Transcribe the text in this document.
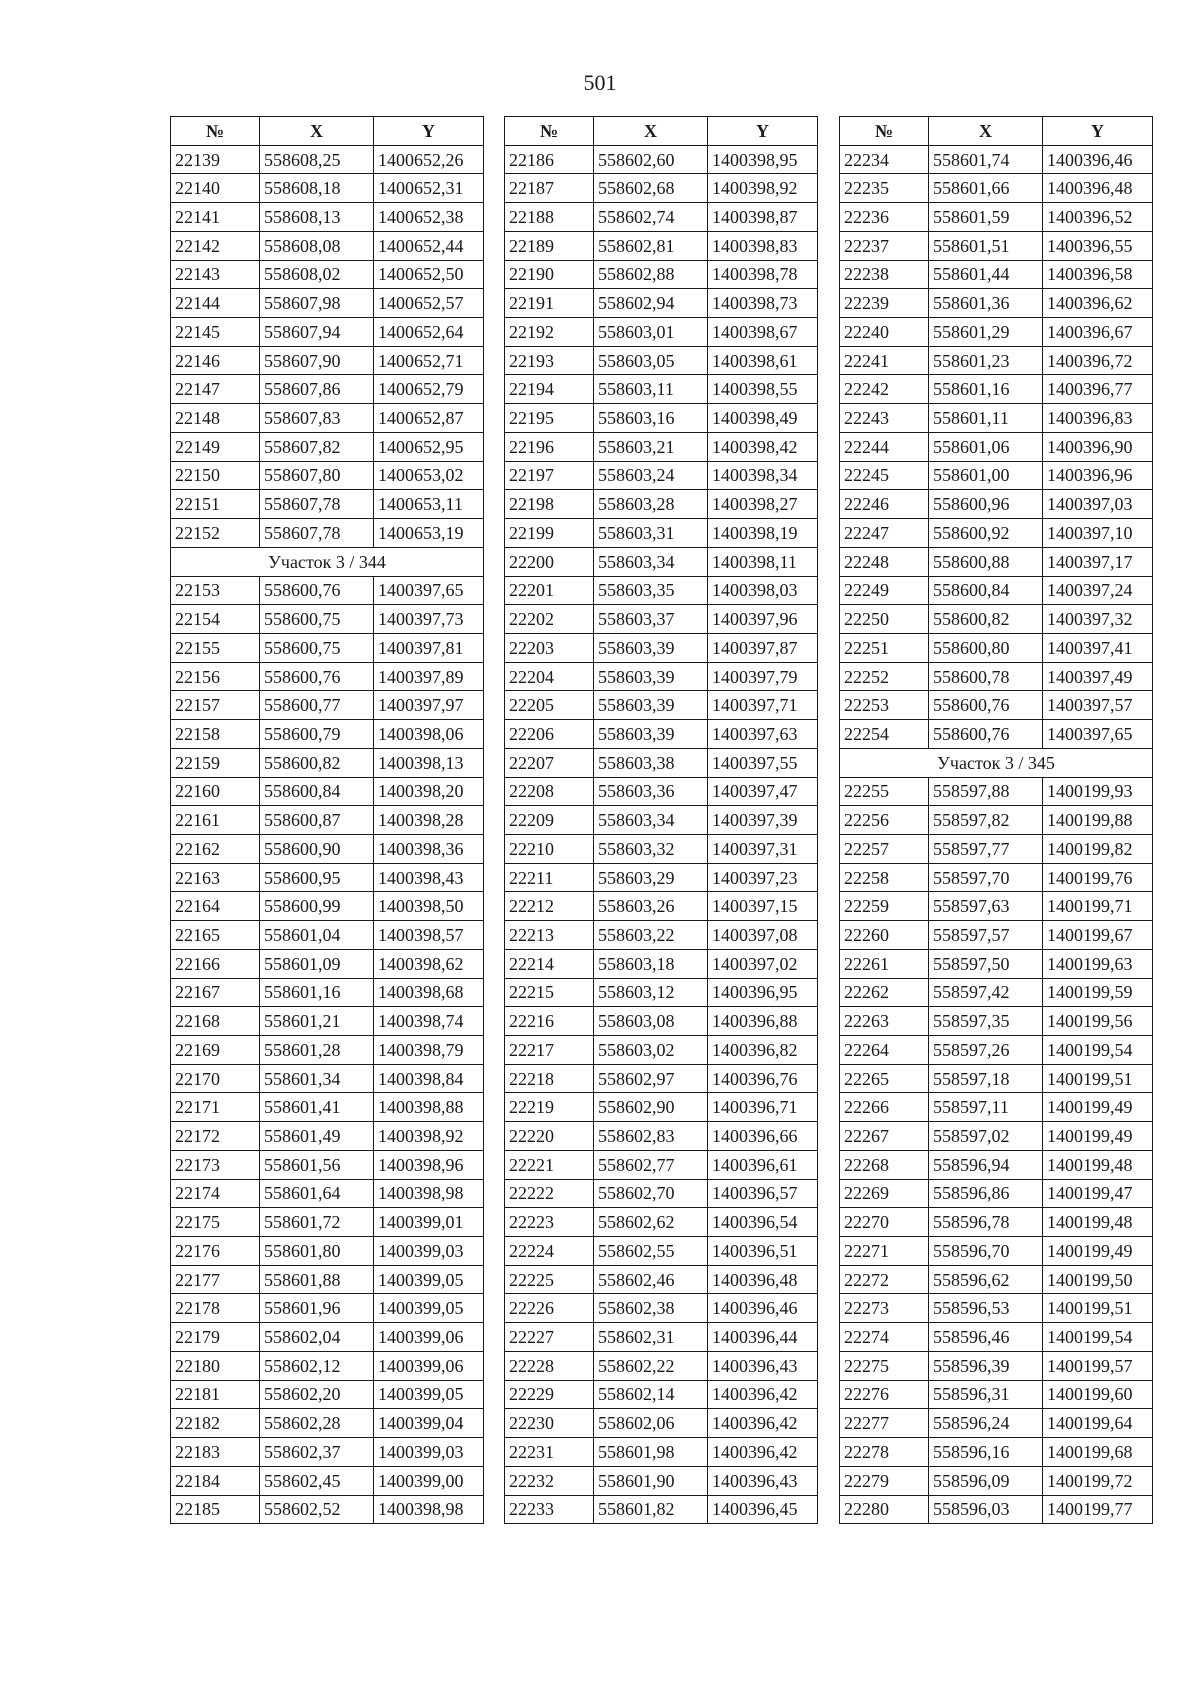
501
№	X	Y
22139	558608,25	1400652,26
22140	558608,18	1400652,31
22141	558608,13	1400652,38
22142	558608,08	1400652,44
22143	558608,02	1400652,50
22144	558607,98	1400652,57
22145	558607,94	1400652,64
22146	558607,90	1400652,71
22147	558607,86	1400652,79
22148	558607,83	1400652,87
22149	558607,82	1400652,95
22150	558607,80	1400653,02
22151	558607,78	1400653,11
22152	558607,78	1400653,19
Участок 3 / 344		
22153	558600,76	1400397,65
22154	558600,75	1400397,73
22155	558600,75	1400397,81
22156	558600,76	1400397,89
22157	558600,77	1400397,97
22158	558600,79	1400398,06
22159	558600,82	1400398,13
22160	558600,84	1400398,20
22161	558600,87	1400398,28
22162	558600,90	1400398,36
22163	558600,95	1400398,43
22164	558600,99	1400398,50
22165	558601,04	1400398,57
22166	558601,09	1400398,62
22167	558601,16	1400398,68
22168	558601,21	1400398,74
22169	558601,28	1400398,79
22170	558601,34	1400398,84
22171	558601,41	1400398,88
22172	558601,49	1400398,92
22173	558601,56	1400398,96
22174	558601,64	1400398,98
22175	558601,72	1400399,01
22176	558601,80	1400399,03
22177	558601,88	1400399,05
22178	558601,96	1400399,05
22179	558602,04	1400399,06
22180	558602,12	1400399,06
22181	558602,20	1400399,05
22182	558602,28	1400399,04
22183	558602,37	1400399,03
22184	558602,45	1400399,00
22185	558602,52	1400398,98
№	X	Y
22186	558602,60	1400398,95
22187	558602,68	1400398,92
22188	558602,74	1400398,87
22189	558602,81	1400398,83
22190	558602,88	1400398,78
22191	558602,94	1400398,73
22192	558603,01	1400398,67
22193	558603,05	1400398,61
22194	558603,11	1400398,55
22195	558603,16	1400398,49
22196	558603,21	1400398,42
22197	558603,24	1400398,34
22198	558603,28	1400398,27
22199	558603,31	1400398,19
22200	558603,34	1400398,11
22201	558603,35	1400398,03
22202	558603,37	1400397,96
22203	558603,39	1400397,87
22204	558603,39	1400397,79
22205	558603,39	1400397,71
22206	558603,39	1400397,63
22207	558603,38	1400397,55
22208	558603,36	1400397,47
22209	558603,34	1400397,39
22210	558603,32	1400397,31
22211	558603,29	1400397,23
22212	558603,26	1400397,15
22213	558603,22	1400397,08
22214	558603,18	1400397,02
22215	558603,12	1400396,95
22216	558603,08	1400396,88
22217	558603,02	1400396,82
22218	558602,97	1400396,76
22219	558602,90	1400396,71
22220	558602,83	1400396,66
22221	558602,77	1400396,61
22222	558602,70	1400396,57
22223	558602,62	1400396,54
22224	558602,55	1400396,51
22225	558602,46	1400396,48
22226	558602,38	1400396,46
22227	558602,31	1400396,44
22228	558602,22	1400396,43
22229	558602,14	1400396,42
22230	558602,06	1400396,42
22231	558601,98	1400396,42
22232	558601,90	1400396,43
22233	558601,82	1400396,45
№	X	Y
22234	558601,74	1400396,46
22235	558601,66	1400396,48
22236	558601,59	1400396,52
22237	558601,51	1400396,55
22238	558601,44	1400396,58
22239	558601,36	1400396,62
22240	558601,29	1400396,67
22241	558601,23	1400396,72
22242	558601,16	1400396,77
22243	558601,11	1400396,83
22244	558601,06	1400396,90
22245	558601,00	1400396,96
22246	558600,96	1400397,03
22247	558600,92	1400397,10
22248	558600,88	1400397,17
22249	558600,84	1400397,24
22250	558600,82	1400397,32
22251	558600,80	1400397,41
22252	558600,78	1400397,49
22253	558600,76	1400397,57
22254	558600,76	1400397,65
Участок 3 / 345		
22255	558597,88	1400199,93
22256	558597,82	1400199,88
22257	558597,77	1400199,82
22258	558597,70	1400199,76
22259	558597,63	1400199,71
22260	558597,57	1400199,67
22261	558597,50	1400199,63
22262	558597,42	1400199,59
22263	558597,35	1400199,56
22264	558597,26	1400199,54
22265	558597,18	1400199,51
22266	558597,11	1400199,49
22267	558597,02	1400199,49
22268	558596,94	1400199,48
22269	558596,86	1400199,47
22270	558596,78	1400199,48
22271	558596,70	1400199,49
22272	558596,62	1400199,50
22273	558596,53	1400199,51
22274	558596,46	1400199,54
22275	558596,39	1400199,57
22276	558596,31	1400199,60
22277	558596,24	1400199,64
22278	558596,16	1400199,68
22279	558596,09	1400199,72
22280	558596,03	1400199,77
